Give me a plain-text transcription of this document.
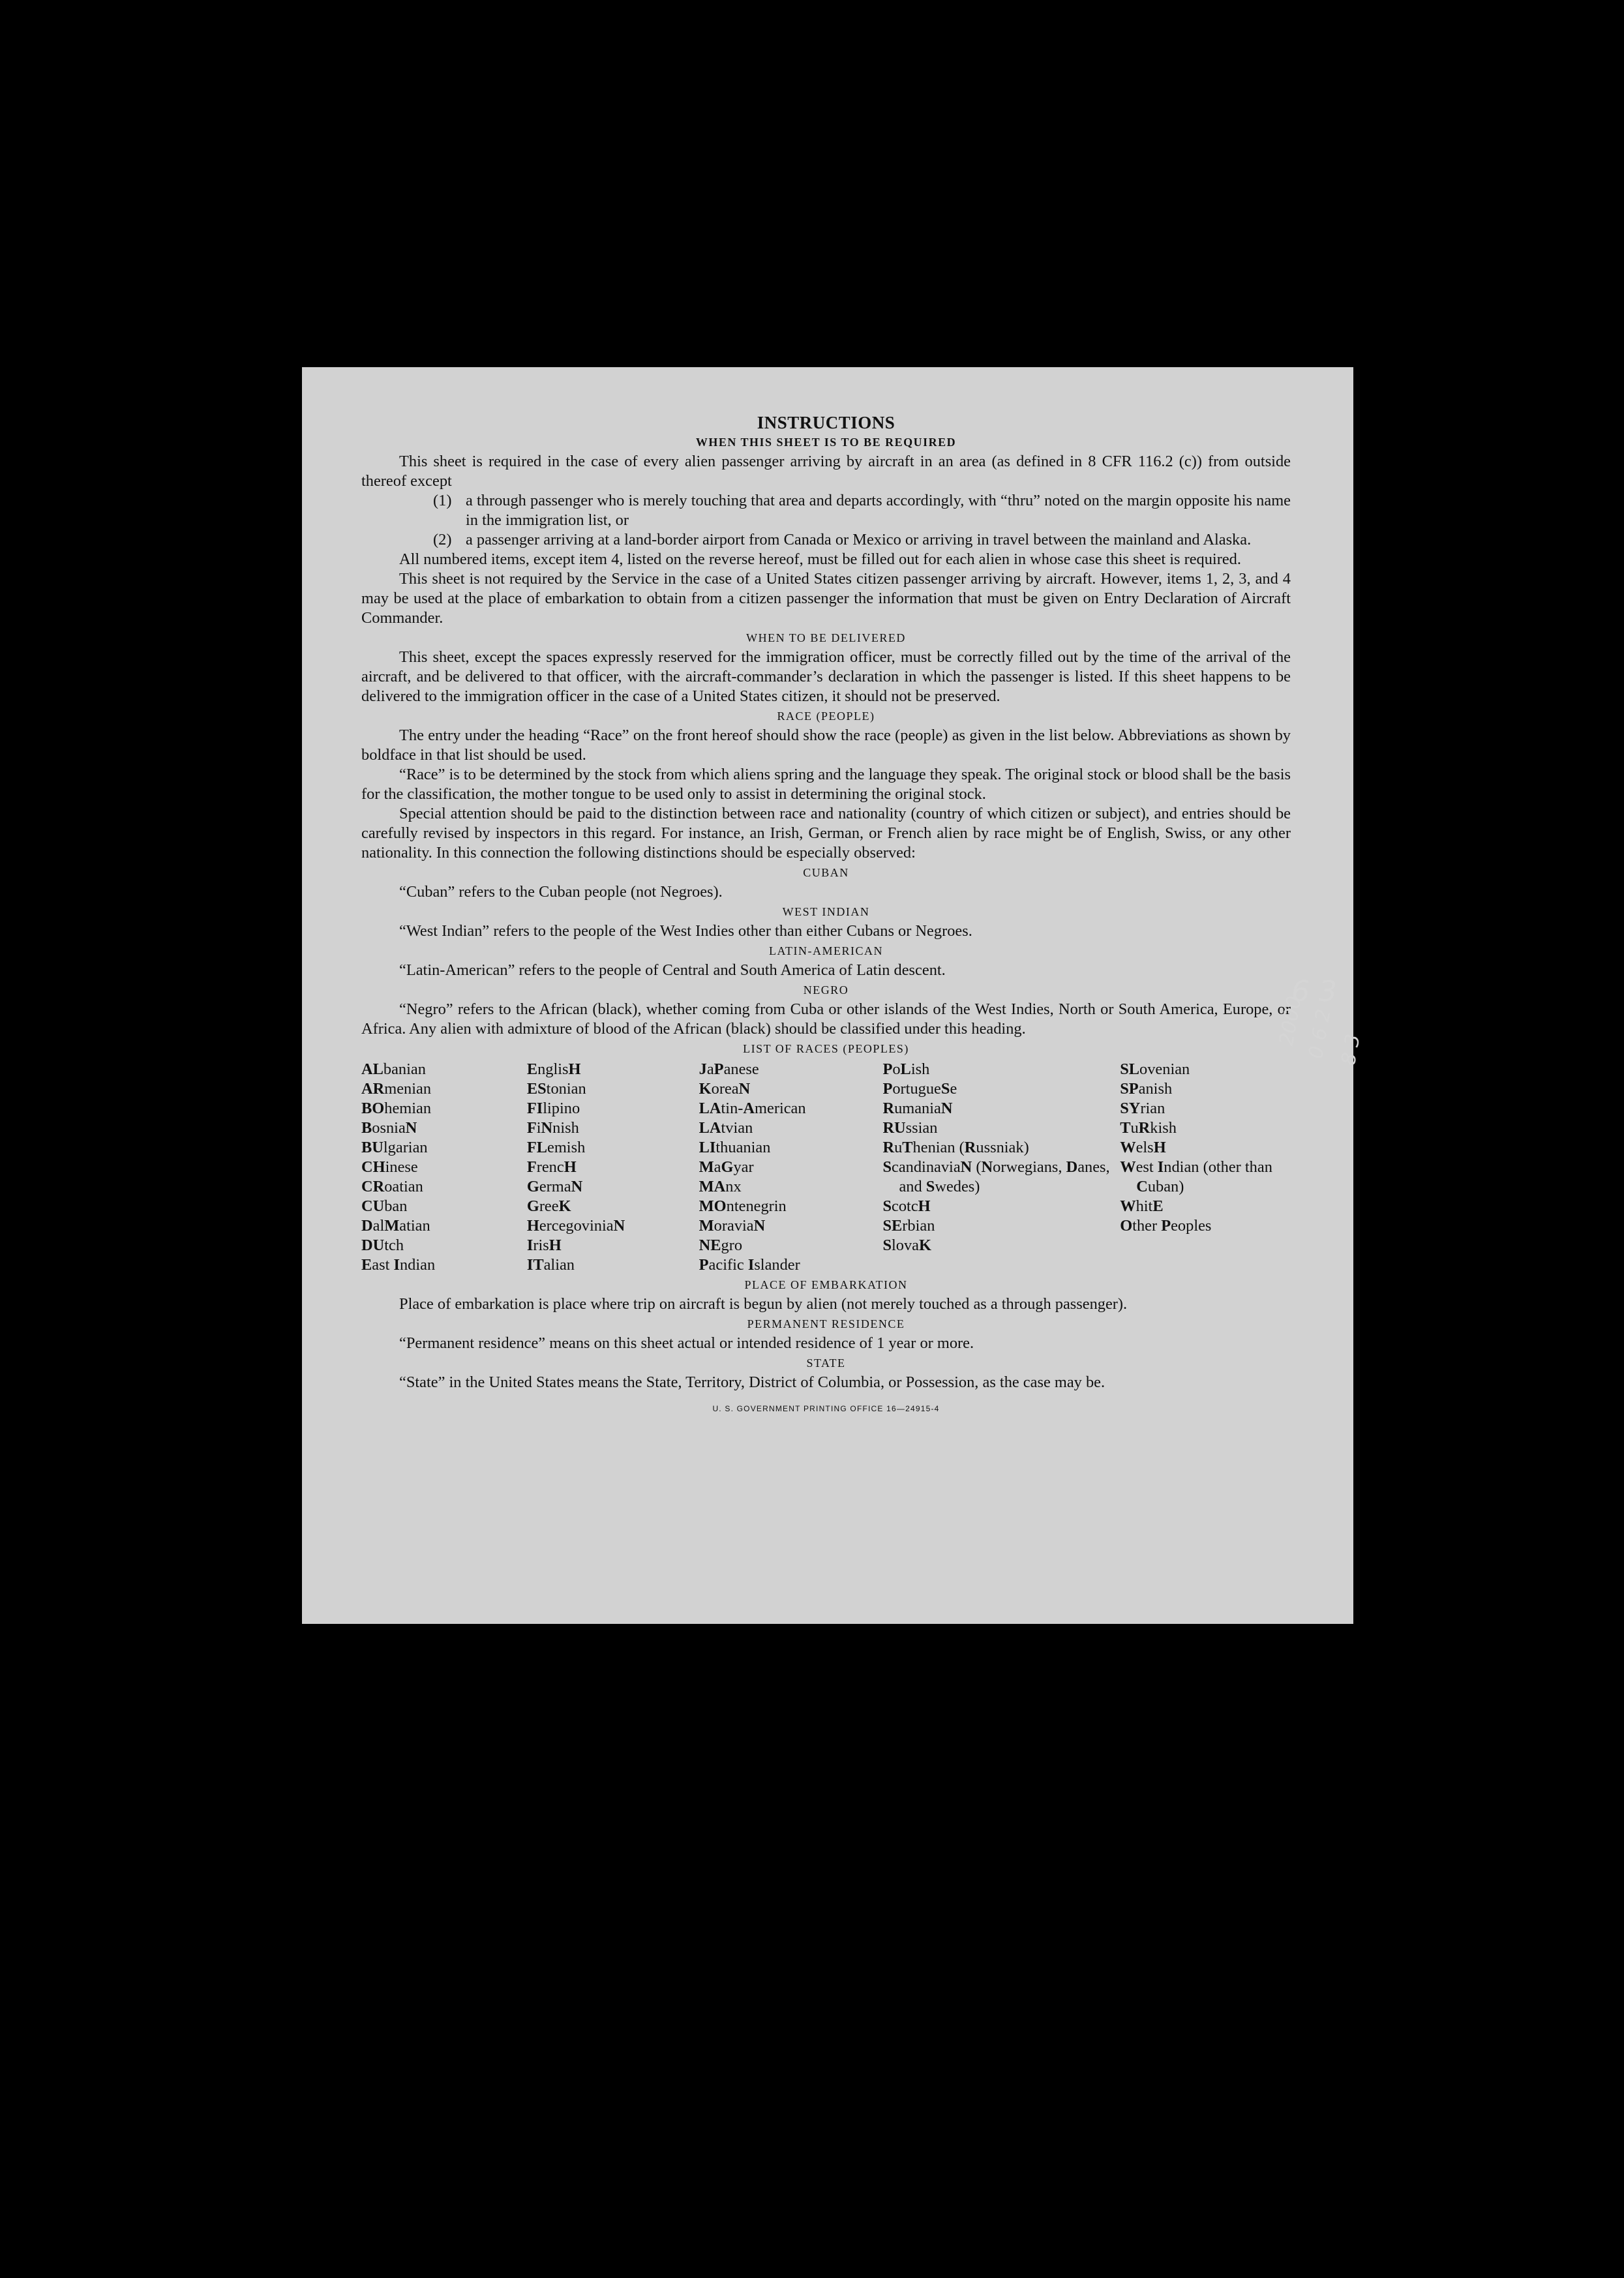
INSTRUCTIONS
WHEN THIS SHEET IS TO BE REQUIRED

This sheet is required in the case of every alien passenger arriving by aircraft in an area (as defined in 8 CFR 116.2 (c)) from outside thereof except

(1) a through passenger who is merely touching that area and departs accordingly, with “thru” noted on the margin opposite his name in the immigration list, or
(2) a passenger arriving at a land-border airport from Canada or Mexico or arriving in travel between the mainland and Alaska.

All numbered items, except item 4, listed on the reverse hereof, must be filled out for each alien in whose case this sheet is required.

This sheet is not required by the Service in the case of a United States citizen passenger arriving by aircraft. However, items 1, 2, 3, and 4 may be used at the place of embarkation to obtain from a citizen passenger the information that must be given on Entry Declaration of Aircraft Commander.

WHEN TO BE DELIVERED

This sheet, except the spaces expressly reserved for the immigration officer, must be correctly filled out by the time of the arrival of the aircraft, and be delivered to that officer, with the aircraft-commander’s declaration in which the passenger is listed. If this sheet happens to be delivered to the immigration officer in the case of a United States citizen, it should not be preserved.

RACE (PEOPLE)

The entry under the heading “Race” on the front hereof should show the race (people) as given in the list below. Abbreviations as shown by boldface in that list should be used.

“Race” is to be determined by the stock from which aliens spring and the language they speak. The original stock or blood shall be the basis for the classification, the mother tongue to be used only to assist in determining the original stock.

Special attention should be paid to the distinction between race and nationality (country of which citizen or subject), and entries should be carefully revised by inspectors in this regard. For instance, an Irish, German, or French alien by race might be of English, Swiss, or any other nationality. In this connection the following distinctions should be especially observed:

CUBAN

“Cuban” refers to the Cuban people (not Negroes).

WEST INDIAN

“West Indian” refers to the people of the West Indies other than either Cubans or Negroes.

LATIN-AMERICAN

“Latin-American” refers to the people of Central and South America of Latin descent.

NEGRO

“Negro” refers to the African (black), whether coming from Cuba or other islands of the West Indies, North or South America, Europe, or Africa. Any alien with admixture of blood of the African (black) should be classified under this heading.

LIST OF RACES (PEOPLES)
ALbanian
ARmenian
BOhemian
BosniaN
BUlgarian
CHinese
CRoatian
CUban
DalMatian
DUtch
East Indian
EnglisH
EStonian
FIlipino
FiNnish
FLemish
FrencH
GermaN
GreeK
HercegoviniaN
IrisH
ITalian
JaPanese
KoreaN
LAtin-American
LAtvian
LIthuanian
MaGyar
MAnx
MOntenegrin
MoraviaN
NEgro
Pacific Islander
PoLish
PortugueSe
RumaniaN
RUssian
RuThenian (Russniak)
ScandinaviaN (Norwegians, Danes, and Swedes)
ScotcH
SErbian
SlovaK
SLovenian
SPanish
SYrian
TuRkish
WelsH
West Indian (other than Cuban)
WhitE
Other Peoples
PLACE OF EMBARKATION

Place of embarkation is place where trip on aircraft is begun by alien (not merely touched as a through passenger).

PERMANENT RESIDENCE

“Permanent residence” means on this sheet actual or intended residence of 1 year or more.

STATE

“State” in the United States means the State, Territory, District of Columbia, or Possession, as the case may be.

U. S. GOVERNMENT PRINTING OFFICE 16—24915-4
6 3
2000
0 6 2 8 3
